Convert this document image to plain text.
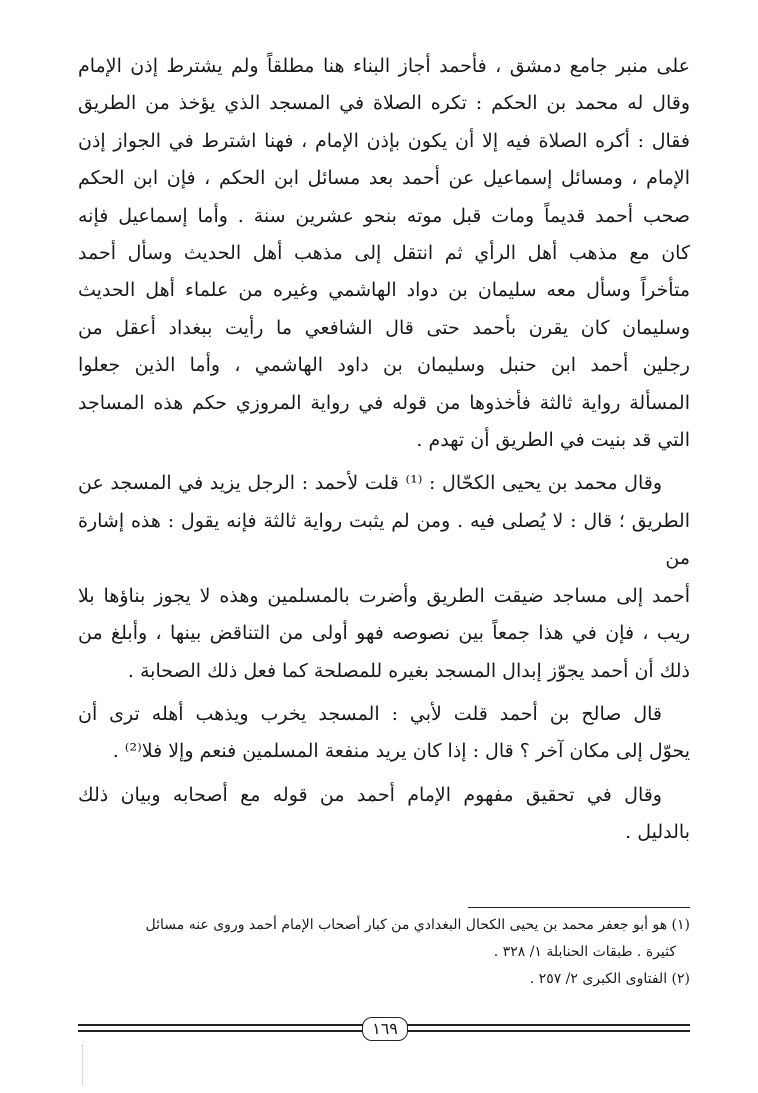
على منبر جامع دمشق ، فأحمد أجاز البناء هنا مطلقاً ولم يشترط إذن الإمام

وقال له محمد بن الحكم : تكره الصلاة في المسجد الذي يؤخذ من الطريق

فقال : أكره الصلاة فيه إلا أن يكون بإذن الإمام ، فهنا اشترط في الجواز إذن

الإمام ، ومسائل إسماعيل عن أحمد بعد مسائل ابن الحكم ، فإن ابن الحكم

صحب أحمد قديماً ومات قبل موته بنحو عشرين سنة . وأما إسماعيل فإنه

كان مع مذهب أهل الرأي ثم انتقل إلى مذهب أهل الحديث وسأل أحمد

متأخراً وسأل معه سليمان بن دواد الهاشمي وغيره من علماء أهل الحديث

وسليمان كان يقرن بأحمد حتى قال الشافعي ما رأيت ببغداد أعقل من

رجلين أحمد ابن حنبل وسليمان بن داود الهاشمي ، وأما الذين جعلوا

المسألة رواية ثالثة فأخذوها من قوله في رواية المروزي حكم هذه المساجد

التي قد بنيت في الطريق أن تهدم .

وقال محمد بن يحيى الكحّال : ⁽¹⁾ قلت لأحمد : الرجل يزيد في المسجد عن

الطريق ؛ قال : لا يُصلى فيه . ومن لم يثبت رواية ثالثة فإنه يقول : هذه إشارة من

أحمد إلى مساجد ضيقت الطريق وأضرت بالمسلمين وهذه لا يجوز بناؤها بلا

ريب ، فإن في هذا جمعاً بين نصوصه فهو أولى من التناقض بينها ، وأبلغ من

ذلك أن أحمد يجوّز إبدال المسجد بغيره للمصلحة كما فعل ذلك الصحابة .

قال صالح بن أحمد قلت لأبي : المسجد يخرب ويذهب أهله ترى أن

يحوّل إلى مكان آخر ؟ قال : إذا كان يريد منفعة المسلمين فنعم وإلا فلا⁽²⁾ .

وقال في تحقيق مفهوم الإمام أحمد من قوله مع أصحابه وبيان ذلك

بالدليل .

(١) هو أبو جعفر محمد بن يحيى الكحال البغدادي من كبار أصحاب الإمام أحمد وروى عنه مسائل

كثيرة . طبقات الحنابلة ١/ ٣٢٨ .

(٢) الفتاوى الكبرى ٢/ ٢٥٧ .

١٦٩
